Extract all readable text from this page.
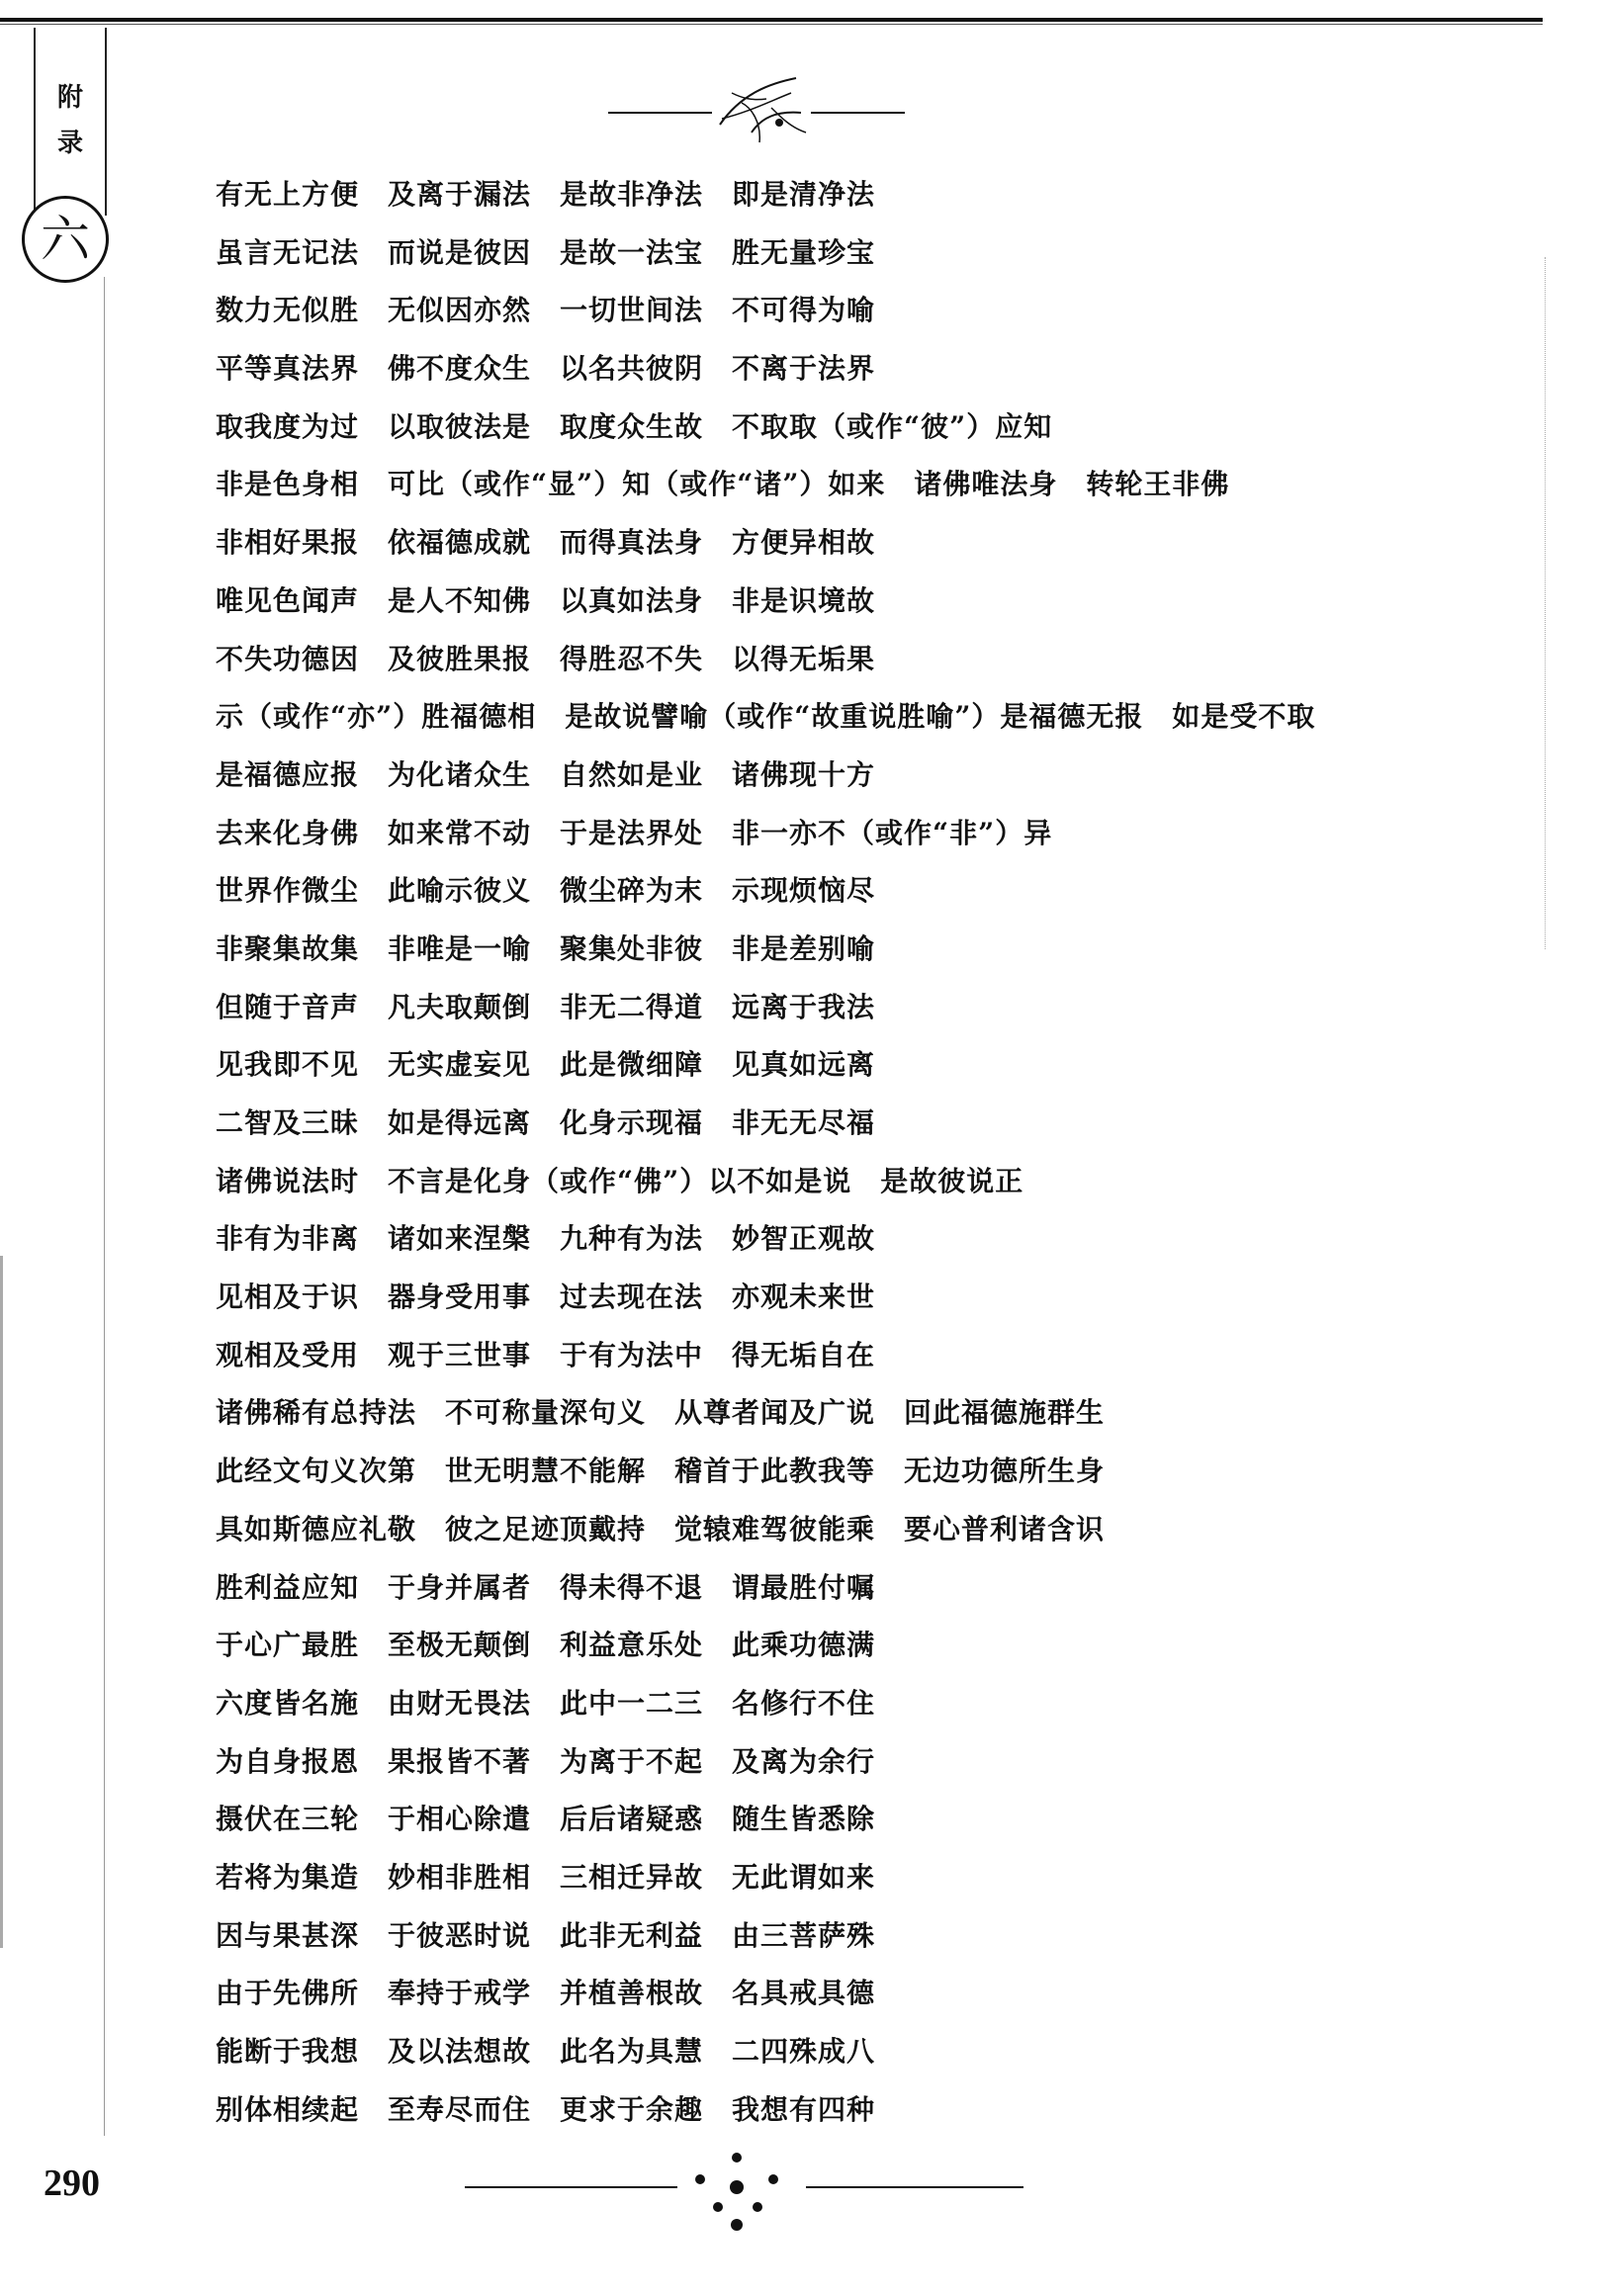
附
录
六
有无上方便　及离于漏法　是故非净法　即是清净法
虽言无记法　而说是彼因　是故一法宝　胜无量珍宝
数力无似胜　无似因亦然　一切世间法　不可得为喻
平等真法界　佛不度众生　以名共彼阴　不离于法界
取我度为过　以取彼法是　取度众生故　不取取（或作“彼”）应知
非是色身相　可比（或作“显”）知（或作“诸”）如来　诸佛唯法身　转轮王非佛
非相好果报　依福德成就　而得真法身　方便异相故
唯见色闻声　是人不知佛　以真如法身　非是识境故
不失功德因　及彼胜果报　得胜忍不失　以得无垢果
示（或作“亦”）胜福德相　是故说譬喻（或作“故重说胜喻”）是福德无报　如是受不取
是福德应报　为化诸众生　自然如是业　诸佛现十方
去来化身佛　如来常不动　于是法界处　非一亦不（或作“非”）异
世界作微尘　此喻示彼义　微尘碎为末　示现烦恼尽
非聚集故集　非唯是一喻　聚集处非彼　非是差别喻
但随于音声　凡夫取颠倒　非无二得道　远离于我法
见我即不见　无实虚妄见　此是微细障　见真如远离
二智及三昧　如是得远离　化身示现福　非无无尽福
诸佛说法时　不言是化身（或作“佛”）以不如是说　是故彼说正
非有为非离　诸如来涅槃　九种有为法　妙智正观故
见相及于识　器身受用事　过去现在法　亦观未来世
观相及受用　观于三世事　于有为法中　得无垢自在
诸佛稀有总持法　不可称量深句义　从尊者闻及广说　回此福德施群生
此经文句义次第　世无明慧不能解　稽首于此教我等　无边功德所生身
具如斯德应礼敬　彼之足迹顶戴持　觉辕难驾彼能乘　要心普利诸含识
胜利益应知　于身并属者　得未得不退　谓最胜付嘱
于心广最胜　至极无颠倒　利益意乐处　此乘功德满
六度皆名施　由财无畏法　此中一二三　名修行不住
为自身报恩　果报皆不著　为离于不起　及离为余行
摄伏在三轮　于相心除遣　后后诸疑惑　随生皆悉除
若将为集造　妙相非胜相　三相迁异故　无此谓如来
因与果甚深　于彼恶时说　此非无利益　由三菩萨殊
由于先佛所　奉持于戒学　并植善根故　名具戒具德
能断于我想　及以法想故　此名为具慧　二四殊成八
别体相续起　至寿尽而住　更求于余趣　我想有四种
290
